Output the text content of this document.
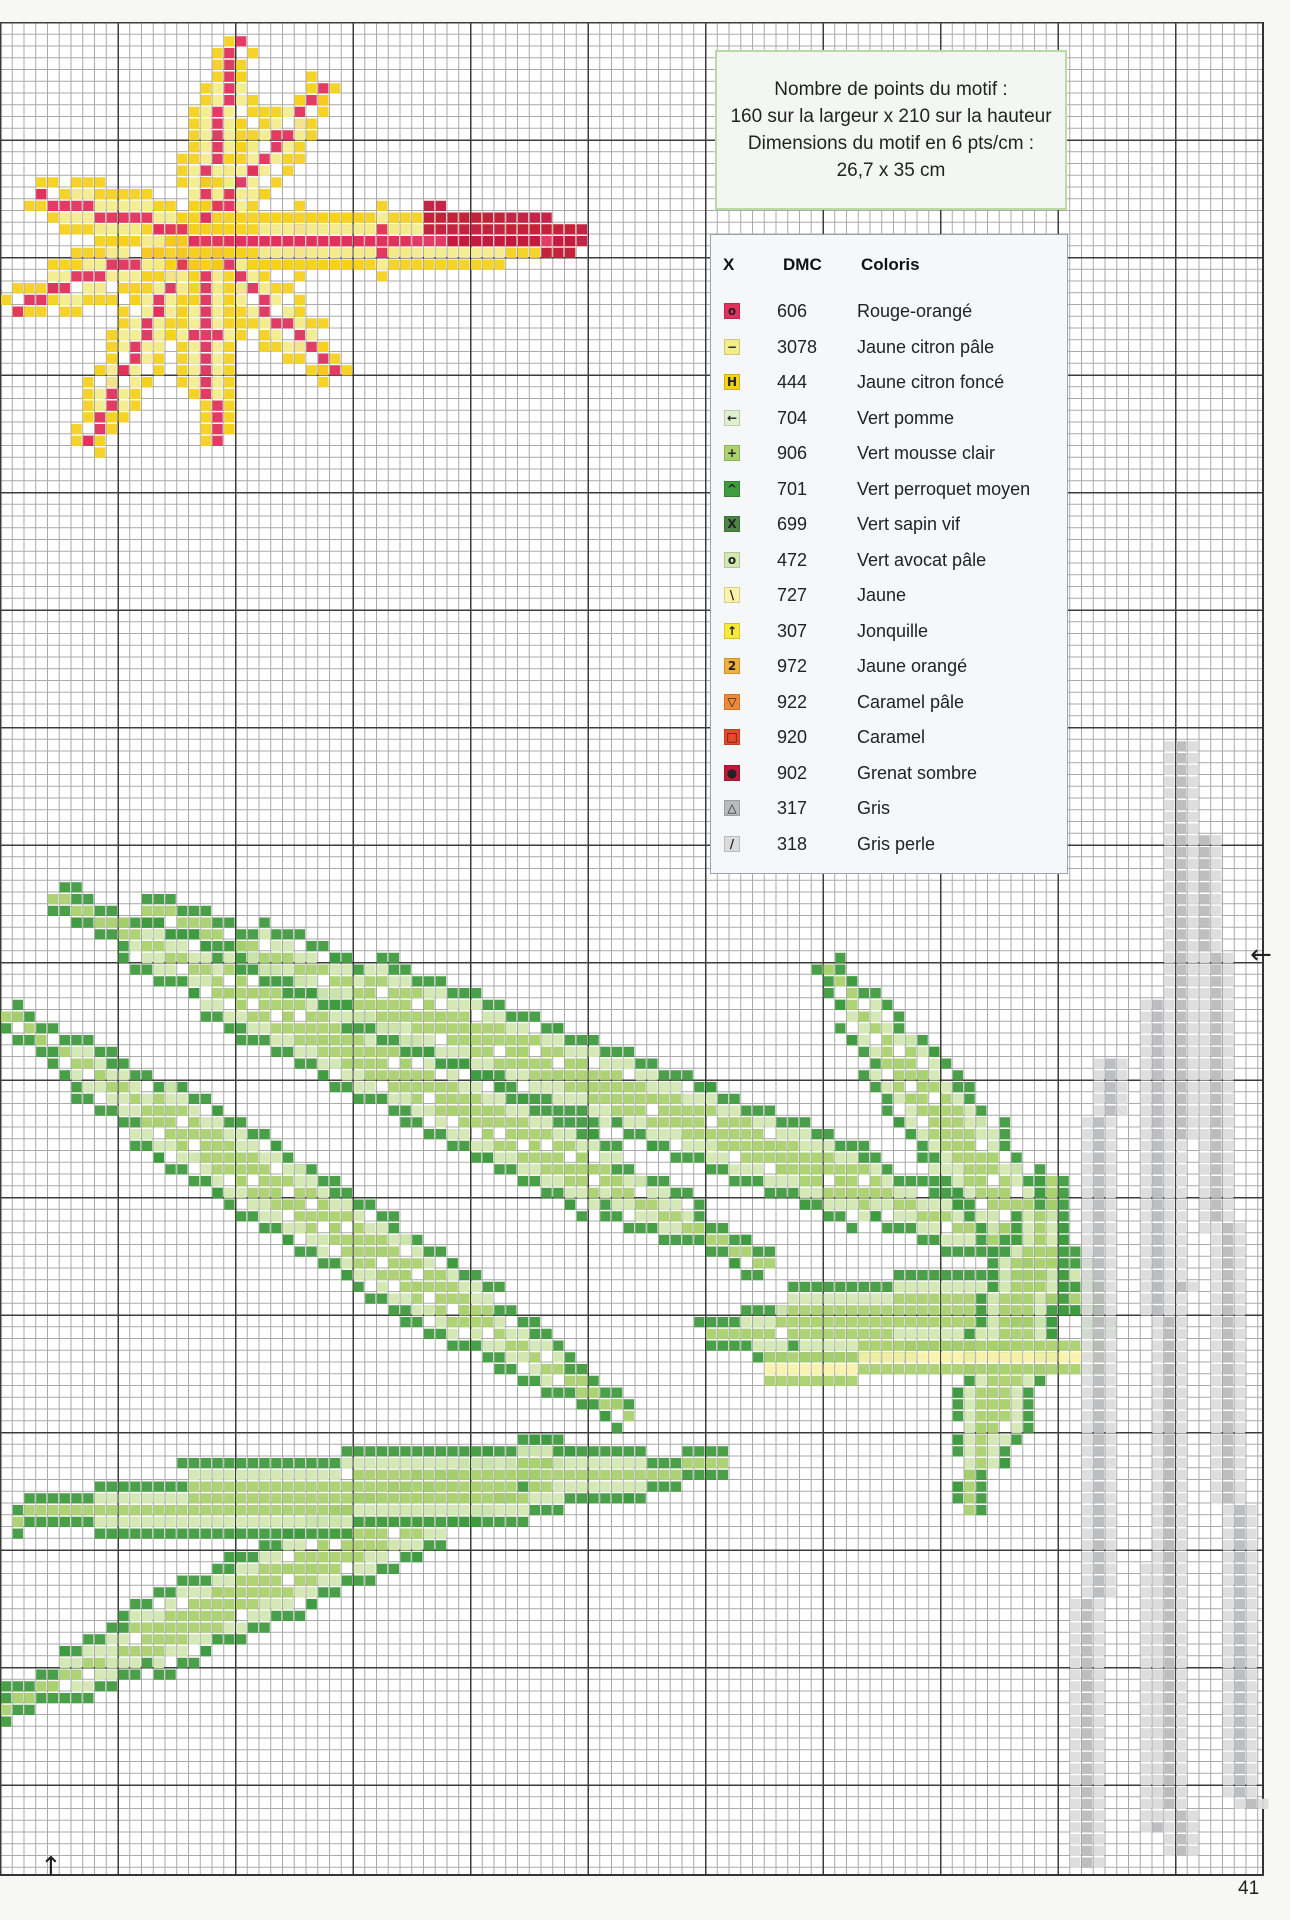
Nombre de points du motif :
160 sur la largeur x 210 sur la hauteur
Dimensions du motif en 6 pts/cm :
26,7 x 35 cm
X	DMC Coloris
o 606	Rouge-orangé
− 3078 Jaune citron pâle
H 444	Jaune citron foncé
← 704	Vert pomme
+ 906	Vert mousse clair
^ 701	Vert perroquet moyen
X 699	Vert sapin vif
o 472	Vert avocat pâle
\	727	Jaune
↑ 307	Jonquille
2 972	Jaune orangé
▽ 922	Caramel pâle
□ 920	Caramel
● 902	Grenat sombre
△ 317	Gris
/	318	Gris perle
←
↑
41
